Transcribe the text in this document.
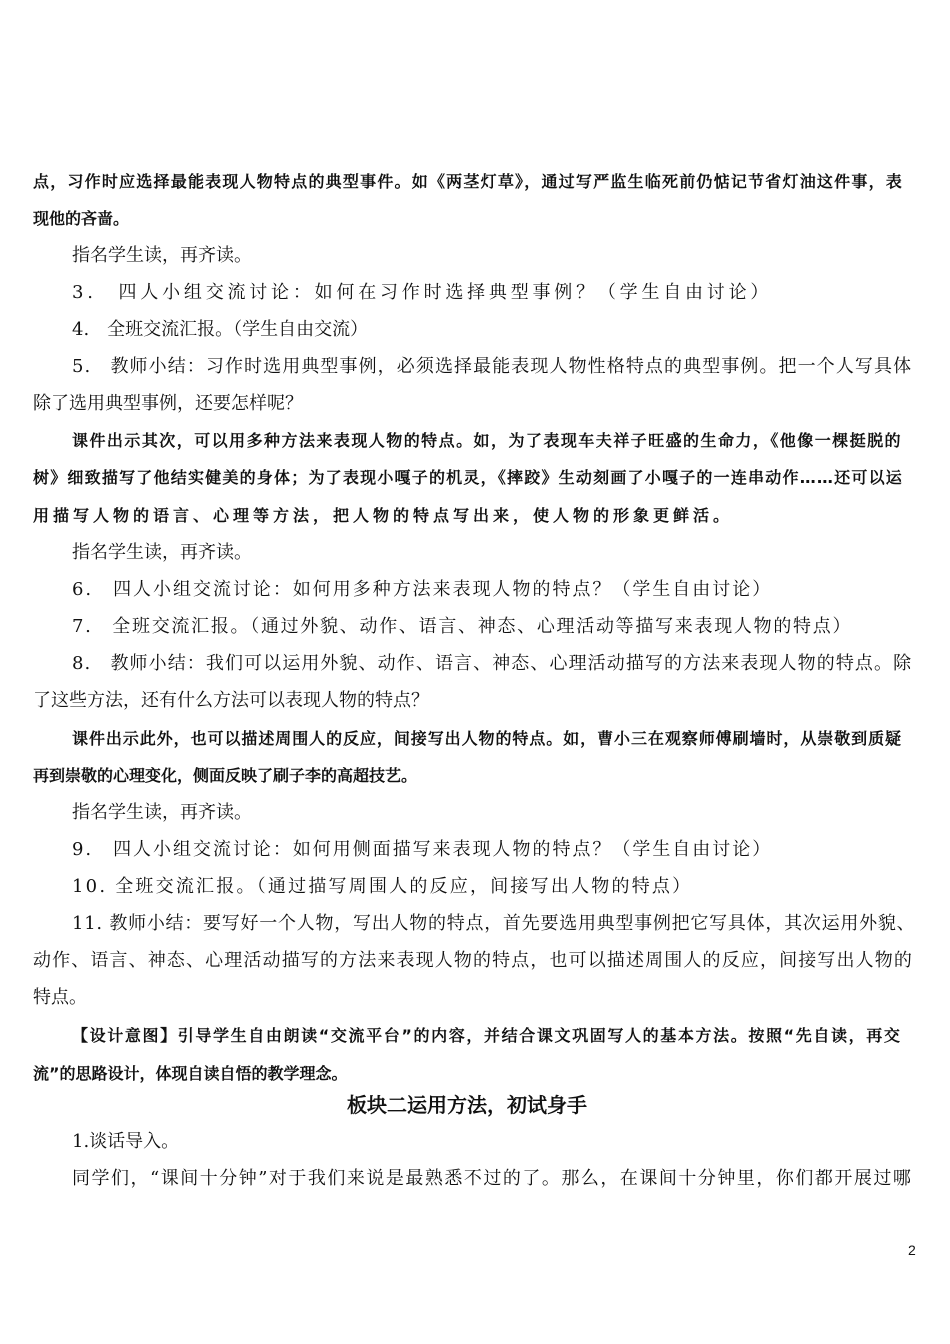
点，习作时应选择最能表现人物特点的典型事件。如《两茎灯草》，通过写严监生临死前仍惦记节省灯油这件事，表
现他的吝啬。
指名学生读，再齐读。
3.　四人小组交流讨论：如何在习作时选择典型事例？（学生自由讨论）
4.　全班交流汇报。（学生自由交流）
5.　教师小结：习作时选用典型事例，必须选择最能表现人物性格特点的典型事例。把一个人写具体
除了选用典型事例，还要怎样呢？
课件出示其次，可以用多种方法来表现人物的特点。如，为了表现车夫祥子旺盛的生命力，《他像一棵挺脱的
树》细致描写了他结实健美的身体；为了表现小嘎子的机灵，《摔跤》生动刻画了小嘎子的一连串动作……还可以运
用描写人物的语言、心理等方法，把人物的特点写出来，使人物的形象更鲜活。
指名学生读，再齐读。
6.　四人小组交流讨论：如何用多种方法来表现人物的特点？（学生自由讨论）
7.　全班交流汇报。（通过外貌、动作、语言、神态、心理活动等描写来表现人物的特点）
8.　教师小结：我们可以运用外貌、动作、语言、神态、心理活动描写的方法来表现人物的特点。除
了这些方法，还有什么方法可以表现人物的特点？
课件出示此外，也可以描述周围人的反应，间接写出人物的特点。如，曹小三在观察师傅刷墙时，从崇敬到质疑
再到崇敬的心理变化，侧面反映了刷子李的高超技艺。
指名学生读，再齐读。
9.　四人小组交流讨论：如何用侧面描写来表现人物的特点？（学生自由讨论）
10. 全班交流汇报。（通过描写周围人的反应，间接写出人物的特点）
11. 教师小结：要写好一个人物，写出人物的特点，首先要选用典型事例把它写具体，其次运用外貌、
动作、语言、神态、心理活动描写的方法来表现人物的特点，也可以描述周围人的反应，间接写出人物的
特点。
【设计意图】引导学生自由朗读“交流平台”的内容，并结合课文巩固写人的基本方法。按照“先自读，再交
流”的思路设计，体现自读自悟的教学理念。
板块二运用方法，初试身手
1.谈话导入。
同学们，“课间十分钟”对于我们来说是最熟悉不过的了。那么，在课间十分钟里，你们都开展过哪
2
